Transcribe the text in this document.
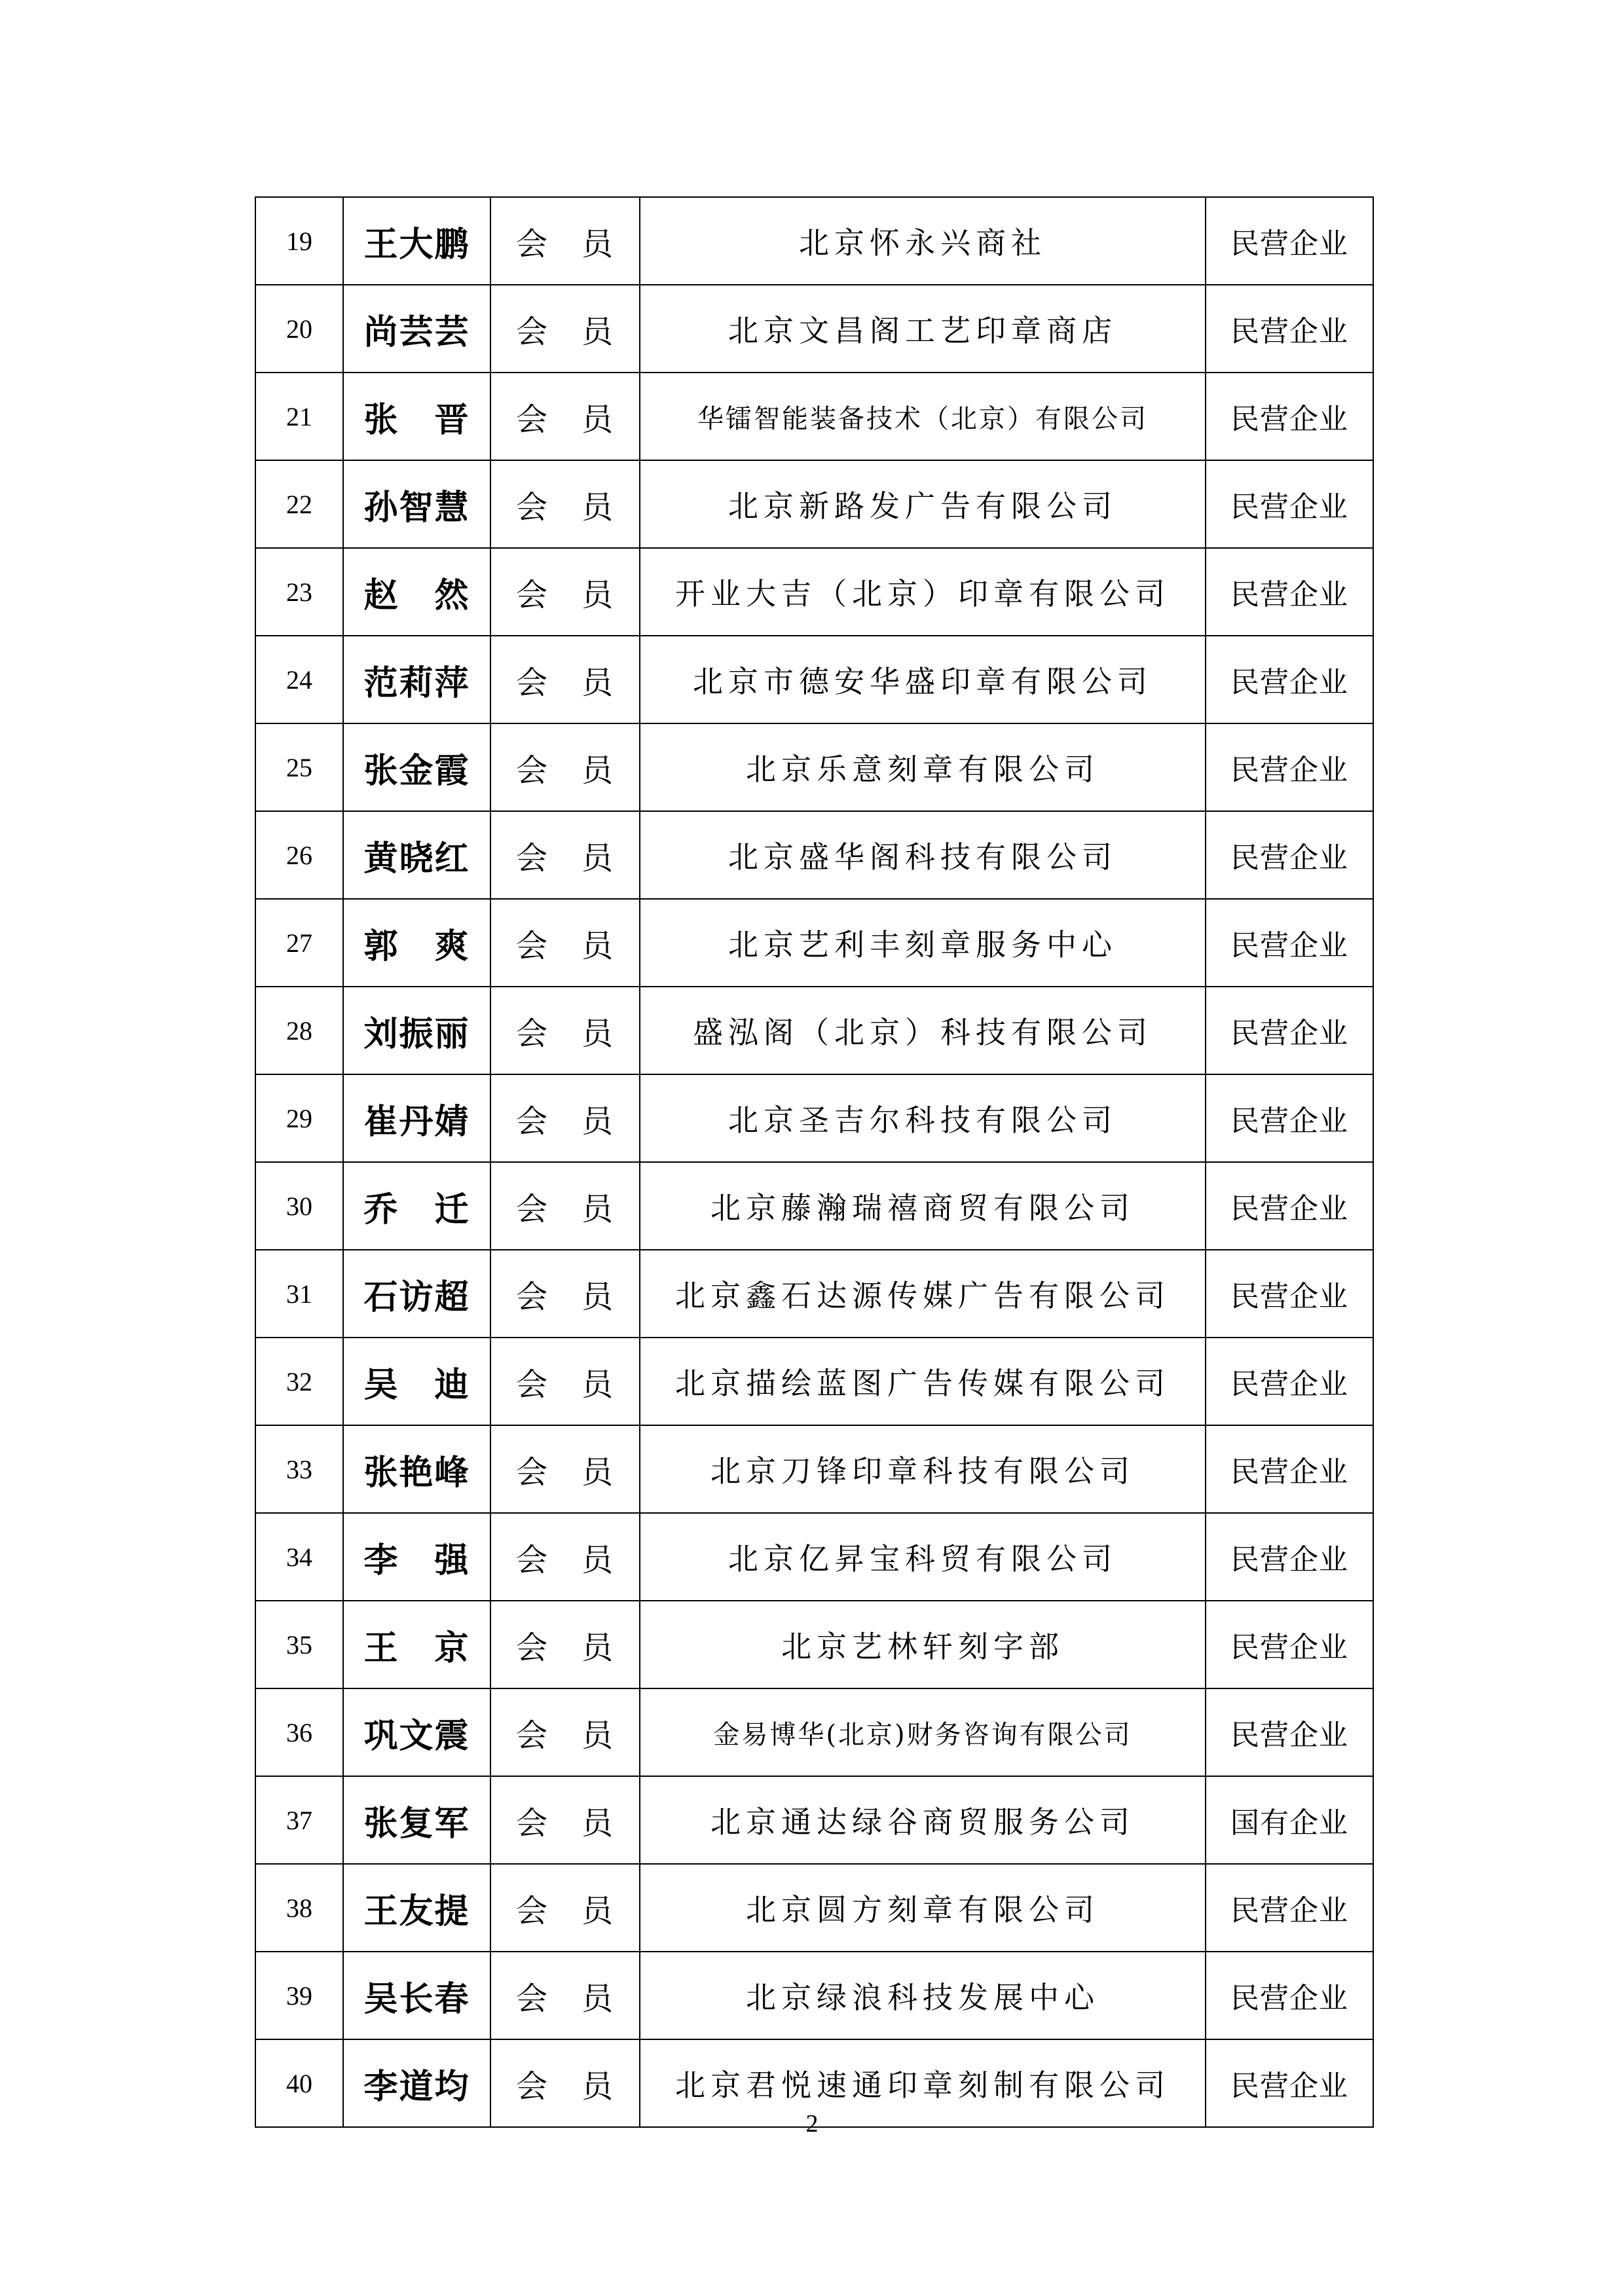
19	王大鹏	会　员	北京怀永兴商社	民营企业
20	尚芸芸	会　员	北京文昌阁工艺印章商店	民营企业
21	张　晋	会　员	华镭智能装备技术（北京）有限公司	民营企业
22	孙智慧	会　员	北京新路发广告有限公司	民营企业
23	赵　然	会　员	开业大吉（北京）印章有限公司	民营企业
24	范莉萍	会　员	北京市德安华盛印章有限公司	民营企业
25	张金霞	会　员	北京乐意刻章有限公司	民营企业
26	黄晓红	会　员	北京盛华阁科技有限公司	民营企业
27	郭　爽	会　员	北京艺利丰刻章服务中心	民营企业
28	刘振丽	会　员	盛泓阁（北京）科技有限公司	民营企业
29	崔丹婧	会　员	北京圣吉尔科技有限公司	民营企业
30	乔　迁	会　员	北京藤瀚瑞禧商贸有限公司	民营企业
31	石访超	会　员	北京鑫石达源传媒广告有限公司	民营企业
32	吴　迪	会　员	北京描绘蓝图广告传媒有限公司	民营企业
33	张艳峰	会　员	北京刀锋印章科技有限公司	民营企业
34	李　强	会　员	北京亿昇宝科贸有限公司	民营企业
35	王　京	会　员	北京艺林轩刻字部	民营企业
36	巩文震	会　员	金易博华(北京)财务咨询有限公司	民营企业
37	张复军	会　员	北京通达绿谷商贸服务公司	国有企业
38	王友提	会　员	北京圆方刻章有限公司	民营企业
39	吴长春	会　员	北京绿浪科技发展中心	民营企业
40	李道均	会　员	北京君悦速通印章刻制有限公司	民营企业
2
